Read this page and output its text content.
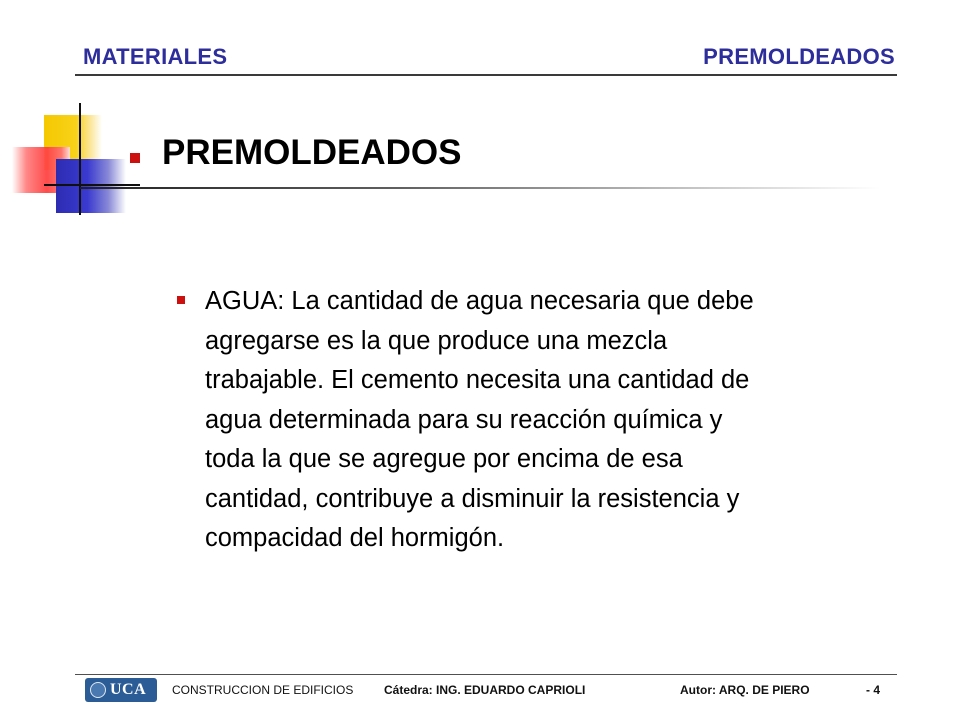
MATERIALES	PREMOLDEADOS
PREMOLDEADOS

AGUA: La cantidad de agua necesaria que debe
agregarse es la que produce una mezcla
trabajable. El cemento necesita una cantidad de
agua determinada para su reacción química y
toda la que se agregue por encima de esa
cantidad, contribuye a disminuir la resistencia y
compacidad del hormigón.

UCA CONSTRUCCION DE EDIFICIOS	Cátedra: ING. EDUARDO CAPRIOLI	Autor: ARQ. DE PIERO	- 4
